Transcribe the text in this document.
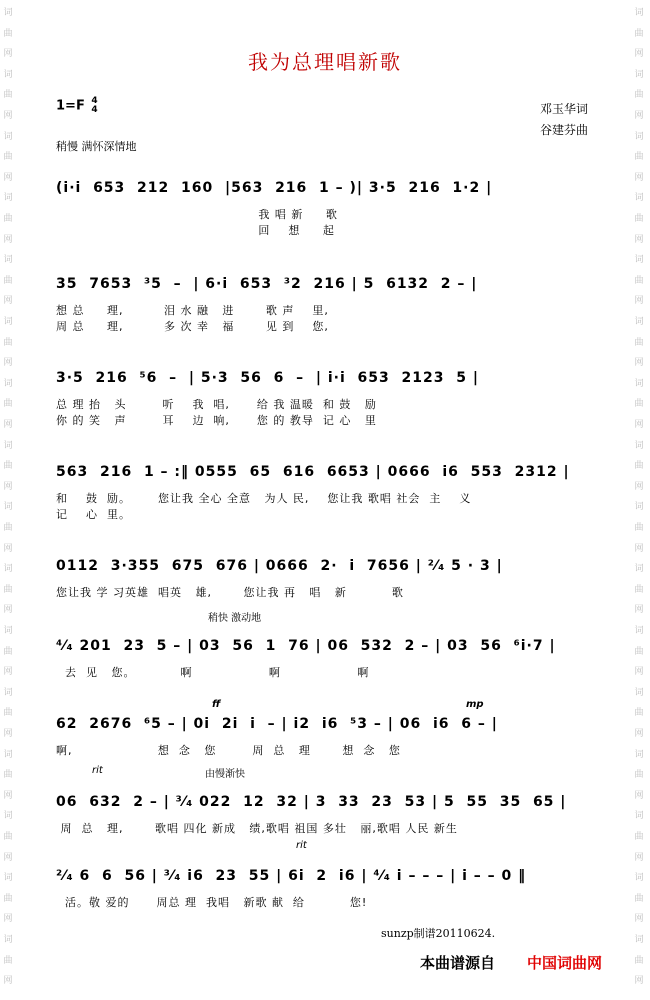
词
曲
网
词
曲
网
词
曲
网
词
曲
网
词
曲
网
词
曲
网
词
曲
网
词
曲
网
词
曲
网
词
曲
网
词
曲
网
词
曲
网
词
曲
网
词
曲
网
词
曲
网
词
曲
网
词
曲
网
词
曲
网
词
曲
网
词
曲
网
词
曲
网
词
曲
网
词
曲
网
词
曲
网
词
曲
网
词
曲
网
词
曲
网
词
曲
网
词
曲
网
词
曲
网
词
曲
网
词
曲
网
我为总理唱新歌
1=F 4
4	邓玉华词
谷建芬曲
稍慢 满怀深情地
(i·i  653  212  160  |563  216  1 – )| 3·5  216  1·2 |
我 唱 新     歌
回    想     起
35  7653  ³5  –  | 6·i  653  ³2  216 | 5  6132  2 – |
想 总     理,         泪 水 融   进       歌 声    里,
周 总     理,         多 次 幸   福       见 到    您,
3·5  216  ⁵6  –  | 5·3  56  6  –  | i·i  653  2123  5 |
总 理 抬   头        听    我  唱,      给 我 温暖  和 鼓   励
你 的 笑   声        耳    边  响,      您 的 教导  记 心   里
563  216  1 – :‖ 0555  65  616  6653 | 0666  i6  553  2312 |
和    鼓  励。      您让我 全心 全意   为人 民,    您让我 歌唱 社会  主    义
记    心  里。
0112  3·355  675  676 | 0666  2·  i  7656 | ²⁄₄ 5 · 3 |
您让我 学 习英雄  唱英   雄,       您让我 再   唱   新          歌
⁴⁄₄ 201  23  5 – | 03  56  1  76 | 06  532  2 – | 03  56  ⁶i·7 |
去  见   您。          啊                 啊                 啊
62  2676  ⁶5 – | 0i  2i  i  – | i2  i6  ⁵3 – | 06  i6  6 – |
啊,                   想  念   您        周  总   理       想  念   您
06  632  2 – | ³⁄₄ 022  12  32 | 3  33  23  53 | 5  55  35  65 |
周  总   理,       歌唱 四化 新成   绩,歌唱 祖国 多壮   丽,歌唱 人民 新生
²⁄₄ 6  6  56 | ³⁄₄ i6  23  55 | 6i  2  i6 | ⁴⁄₄ i – – – | i – – 0 ‖
活。敬 爱的      周总 理  我唱   新歌 献  给          您!
稍快 激动地
rit	由慢渐快
rit
ff	mp
sunzp制谱20110624.
本曲谱源自 中国词曲网
